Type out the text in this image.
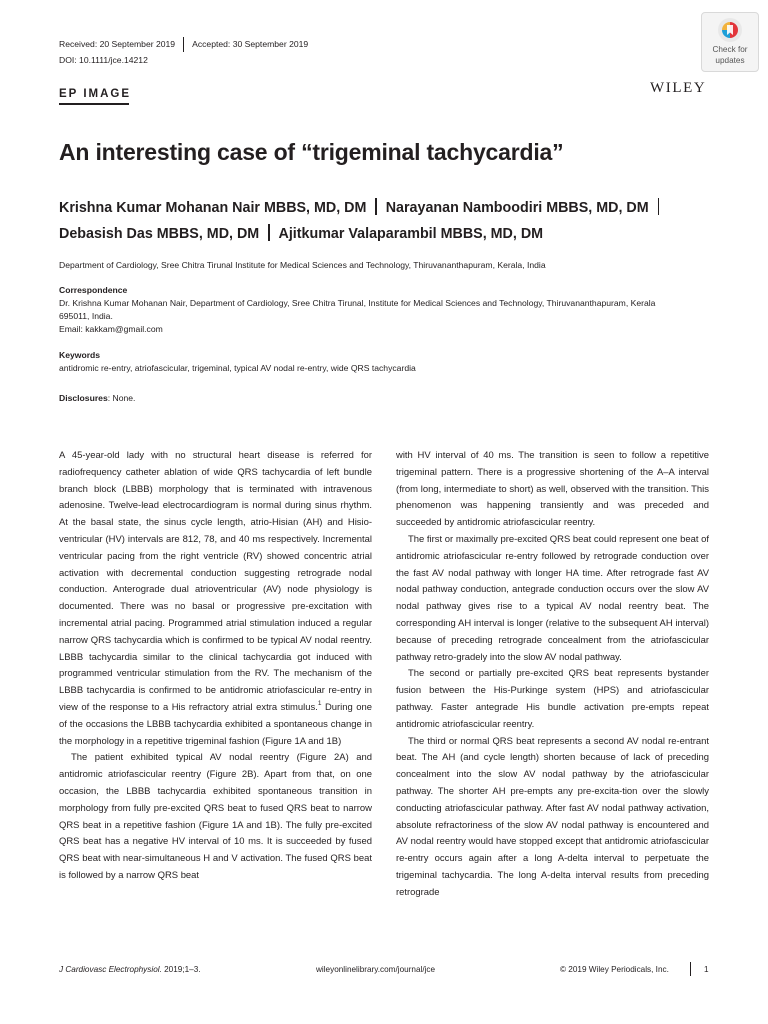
Received: 20 September 2019 Accepted: 30 September 2019
DOI: 10.1111/jce.14212
Check for
updates
WILEY
EP IMAGE
An interesting case of “trigeminal tachycardia”
Krishna Kumar Mohanan Nair MBBS, MD, DM Narayanan Namboodiri MBBS, MD, DM
Debasish Das MBBS, MD, DM Ajitkumar Valaparambil MBBS, MD, DM
Department of Cardiology, Sree Chitra Tirunal Institute for Medical Sciences and Technology, Thiruvananthapuram, Kerala, India
Correspondence
Dr. Krishna Kumar Mohanan Nair, Department of Cardiology, Sree Chitra Tirunal, Institute for Medical Sciences and Technology, Thiruvananthapuram, Kerala
695011, India.
Email: kakkam@gmail.com
Keywords
antidromic re-entry, atriofascicular, trigeminal, typical AV nodal re-entry, wide QRS tachycardia
Disclosures: None.

A 45-year-old lady with no structural heart disease is referred for radiofrequency catheter ablation of wide QRS tachycardia of left bundle branch block (LBBB) morphology that is terminated with intravenous adenosine. Twelve-lead electrocardiogram is normal during sinus rhythm. At the basal state, the sinus cycle length, atrio-Hisian (AH) and Hisio-ventricular (HV) intervals are 812, 78, and 40 ms respectively. Incremental ventricular pacing from the right ventricle (RV) showed concentric atrial activation with decremental conduction suggesting retrograde nodal conduction. Anterograde dual atrioventricular (AV) node physiology is documented. There was no basal or progressive pre-excitation with incremental atrial pacing. Programmed atrial stimulation induced a regular narrow QRS tachycardia which is confirmed to be typical AV nodal reentry. LBBB tachycardia similar to the clinical tachycardia got induced with programmed ventricular stimulation from the RV. The mechanism of the LBBB tachycardia is confirmed to be antidromic atriofascicular re-entry in view of the response to a His refractory atrial extra stimulus.$^1$ During one of the occasions the LBBB tachycardia exhibited a spontaneous change in the morphology in a repetitive trigeminal fashion (Figure 1A and 1B)

The patient exhibited typical AV nodal reentry (Figure 2A) and antidromic atriofascicular reentry (Figure 2B). Apart from that, on one occasion, the LBBB tachycardia exhibited spontaneous transition in morphology from fully pre-excited QRS beat to fused QRS beat to narrow QRS beat in a repetitive fashion (Figure 1A and 1B). The fully pre-excited QRS beat has a negative HV interval of 10 ms. It is succeeded by fused QRS beat with near-simultaneous H and V activation. The fused QRS beat is followed by a narrow QRS beat

with HV interval of 40 ms. The transition is seen to follow a repetitive trigeminal pattern. There is a progressive shortening of the A–A interval (from long, intermediate to short) as well, observed with the transition. This phenomenon was happening transiently and was preceded and succeeded by antidromic atriofascicular reentry.

The first or maximally pre-excited QRS beat could represent one beat of antidromic atriofascicular re-entry followed by retrograde conduction over the fast AV nodal pathway with longer HA time. After retrograde fast AV nodal pathway conduction, antegrade conduction occurs over the slow AV nodal pathway gives rise to a typical AV nodal reentry beat. The corresponding AH interval is longer (relative to the subsequent AH interval) because of preceding retrograde concealment from the atriofascicular pathway retro-gradely into the slow AV nodal pathway.

The second or partially pre-excited QRS beat represents bystander fusion between the His-Purkinge system (HPS) and atriofascicular pathway. Faster antegrade His bundle activation pre-empts repeat antidromic atriofascicular reentry.

The third or normal QRS beat represents a second AV nodal re-entrant beat. The AH (and cycle length) shorten because of lack of preceding concealment into the slow AV nodal pathway by the atriofascicular pathway. The shorter AH pre-empts any pre-excita-tion over the slowly conducting atriofascicular pathway. After fast AV nodal pathway activation, absolute refractoriness of the slow AV nodal pathway is encountered and AV nodal reentry would have stopped except that antidromic atriofascicular re-entry occurs again after a long A-delta interval to perpetuate the trigeminal tachycardia. The long A-delta interval results from preceding retrograde

J Cardiovasc Electrophysiol. 2019;1–3.	wileyonlinelibrary.com/journal/jce	© 2019 Wiley Periodicals, Inc.	1
